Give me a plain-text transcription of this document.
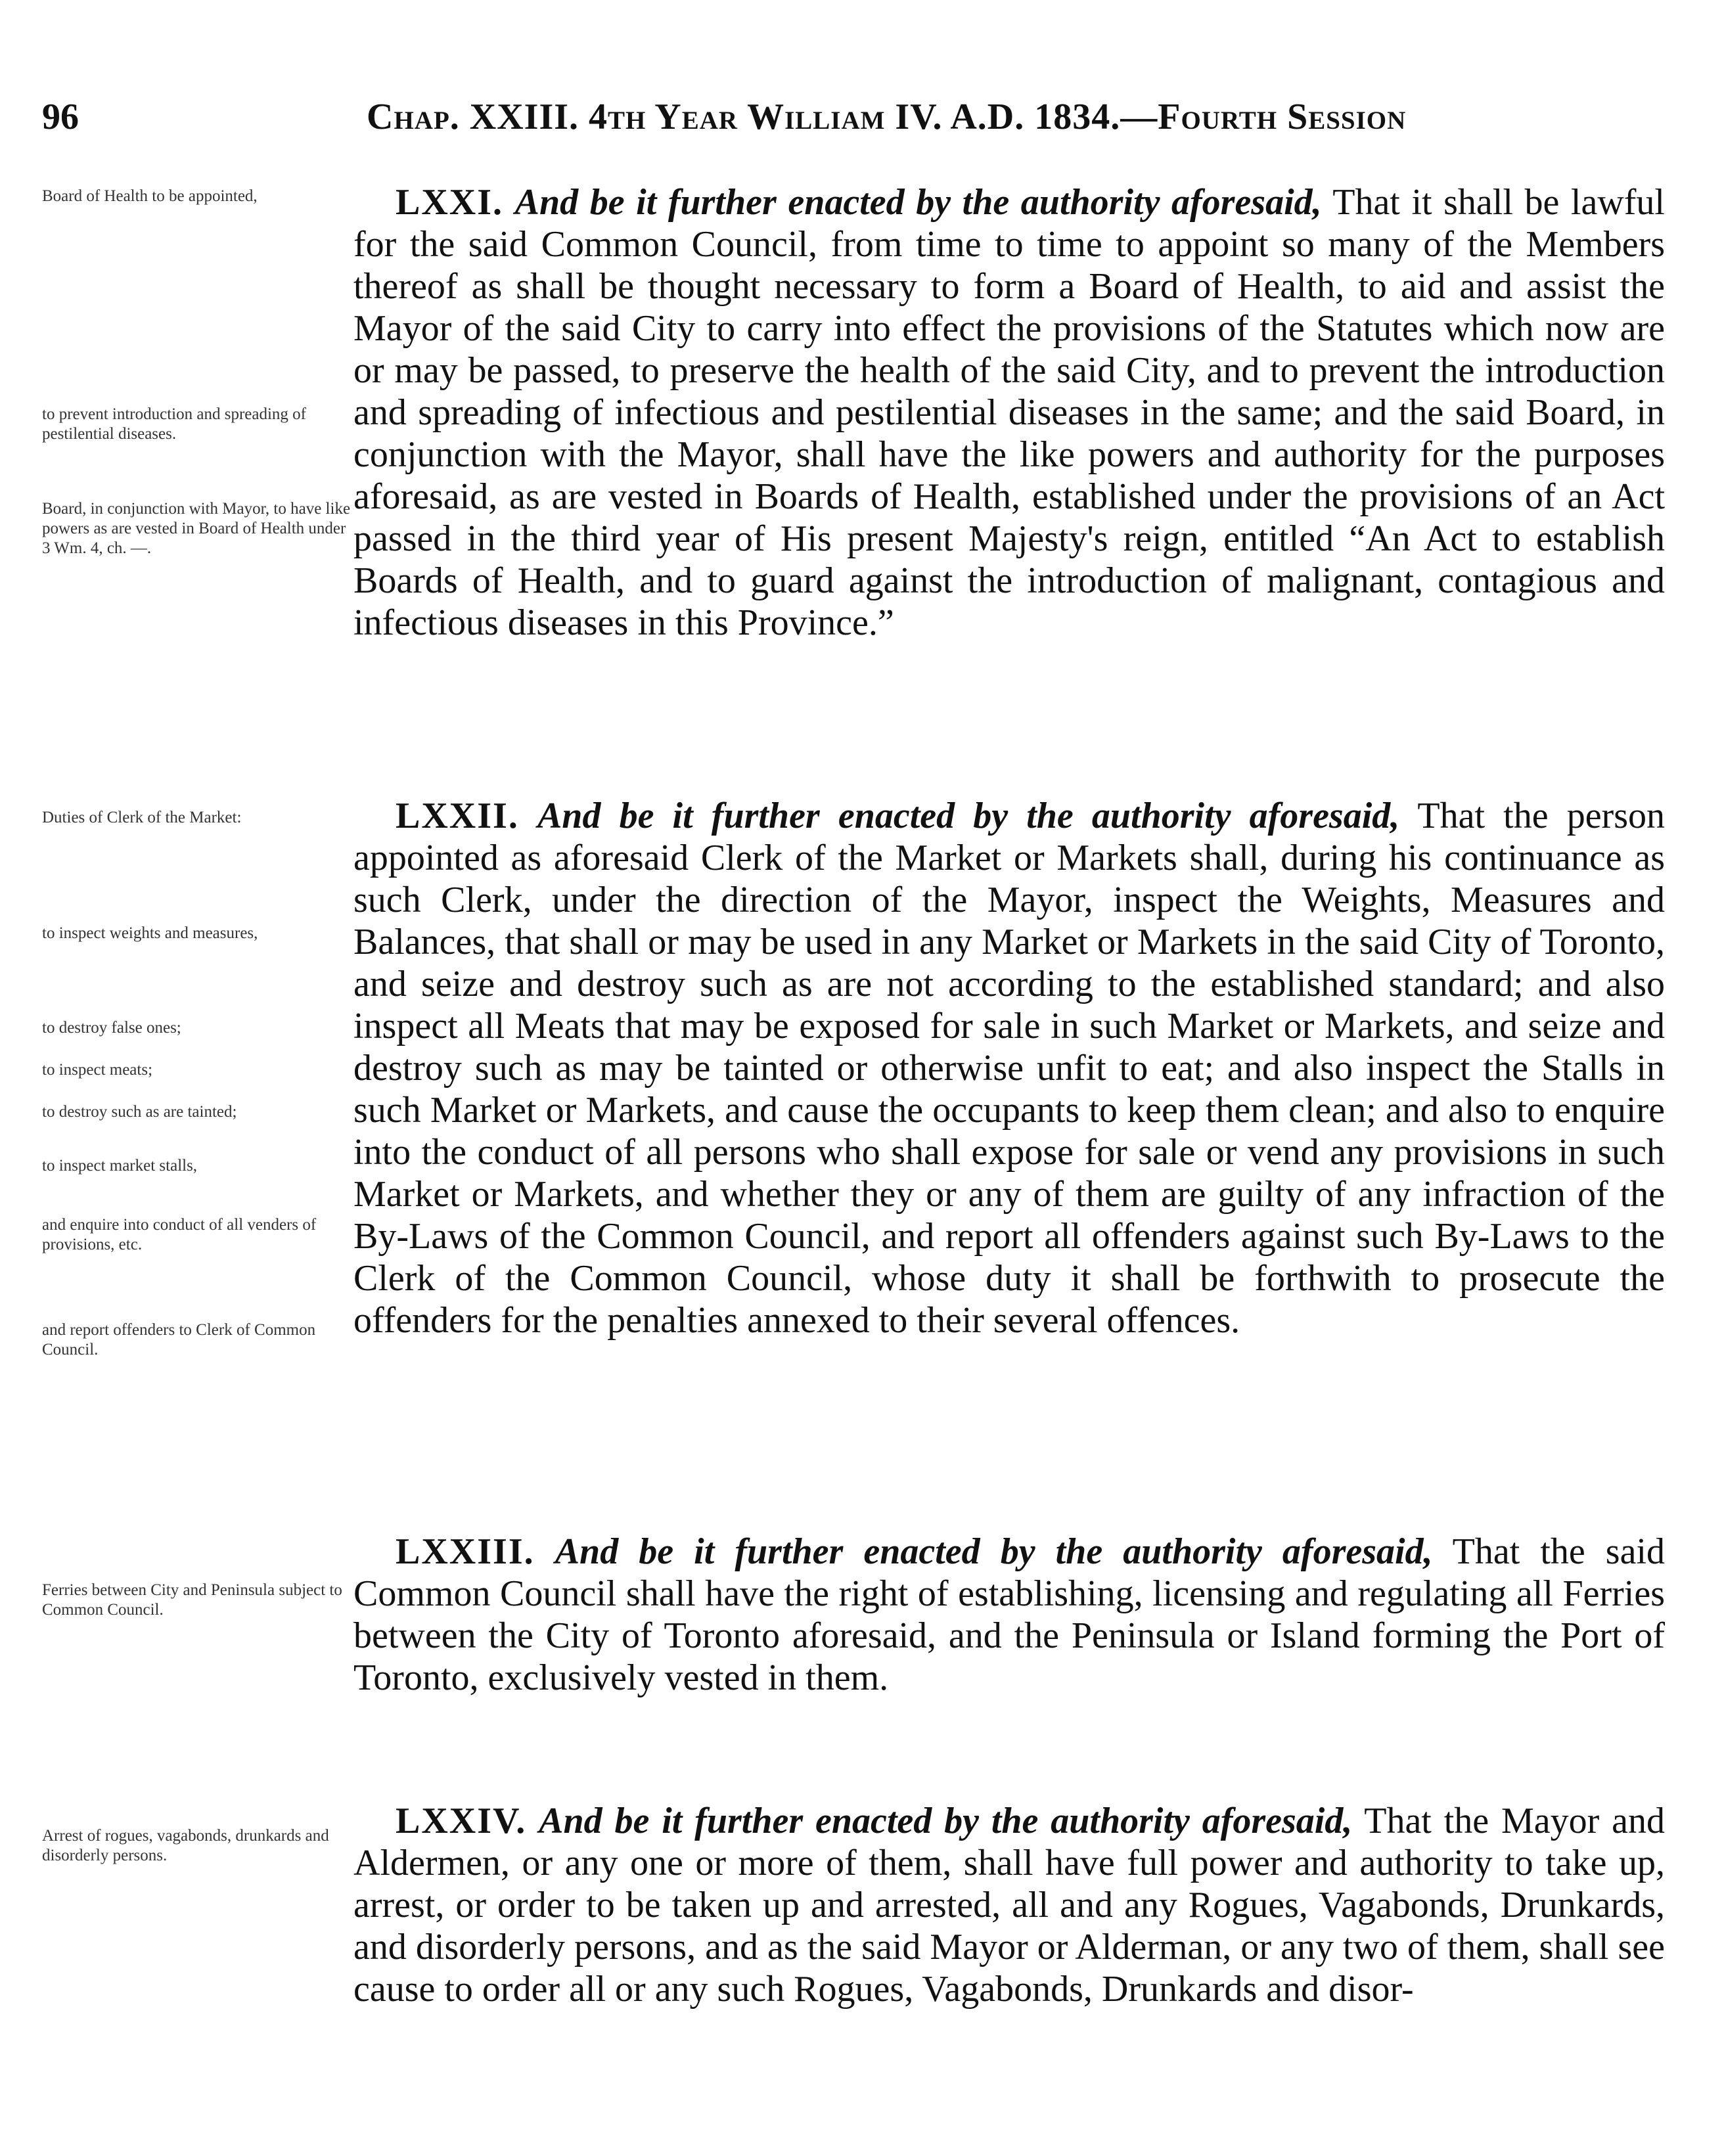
96	Chap. XXIII. 4th Year William IV. A.D. 1834.—Fourth Session
Board of Health to be appointed,
to prevent introduction and spreading of pestilential diseases.
Board, in conjunction with Mayor, to have like powers as are vested in Board of Health under 3 Wm. 4, ch. —.
LXXI. And be it further enacted by the authority aforesaid, That it shall be lawful for the said Common Council, from time to time to appoint so many of the Members thereof as shall be thought necessary to form a Board of Health, to aid and assist the Mayor of the said City to carry into effect the provisions of the Statutes which now are or may be passed, to preserve the health of the said City, and to prevent the introduction and spreading of infectious and pestilential diseases in the same; and the said Board, in conjunction with the Mayor, shall have the like powers and authority for the purposes aforesaid, as are vested in Boards of Health, established under the provisions of an Act passed in the third year of His present Majesty's reign, entitled “An Act to establish Boards of Health, and to guard against the introduction of malignant, contagious and infectious diseases in this Province.”
Duties of Clerk of the Market:
to inspect weights and measures,
to destroy false ones;
to inspect meats;
to destroy such as are tainted;
to inspect market stalls,
and enquire into conduct of all venders of provisions, etc.
and report offenders to Clerk of Common Council.
LXXII. And be it further enacted by the authority aforesaid, That the person appointed as aforesaid Clerk of the Market or Markets shall, during his continuance as such Clerk, under the direction of the Mayor, inspect the Weights, Measures and Balances, that shall or may be used in any Market or Markets in the said City of Toronto, and seize and destroy such as are not according to the established standard; and also inspect all Meats that may be exposed for sale in such Market or Markets, and seize and destroy such as may be tainted or otherwise unfit to eat; and also inspect the Stalls in such Market or Markets, and cause the occupants to keep them clean; and also to enquire into the conduct of all persons who shall expose for sale or vend any provisions in such Market or Markets, and whether they or any of them are guilty of any infraction of the By-Laws of the Common Council, and report all offenders against such By-Laws to the Clerk of the Common Council, whose duty it shall be forthwith to prosecute the offenders for the penalties annexed to their several offences.
Ferries between City and Peninsula subject to Common Council.
LXXIII. And be it further enacted by the authority aforesaid, That the said Common Council shall have the right of establishing, licensing and regulating all Ferries between the City of Toronto aforesaid, and the Peninsula or Island forming the Port of Toronto, exclusively vested in them.
Arrest of rogues, vagabonds, drunkards and disorderly persons.
LXXIV. And be it further enacted by the authority aforesaid, That the Mayor and Aldermen, or any one or more of them, shall have full power and authority to take up, arrest, or order to be taken up and arrested, all and any Rogues, Vagabonds, Drunkards, and disorderly persons, and as the said Mayor or Alderman, or any two of them, shall see cause to order all or any such Rogues, Vagabonds, Drunkards and disor-
